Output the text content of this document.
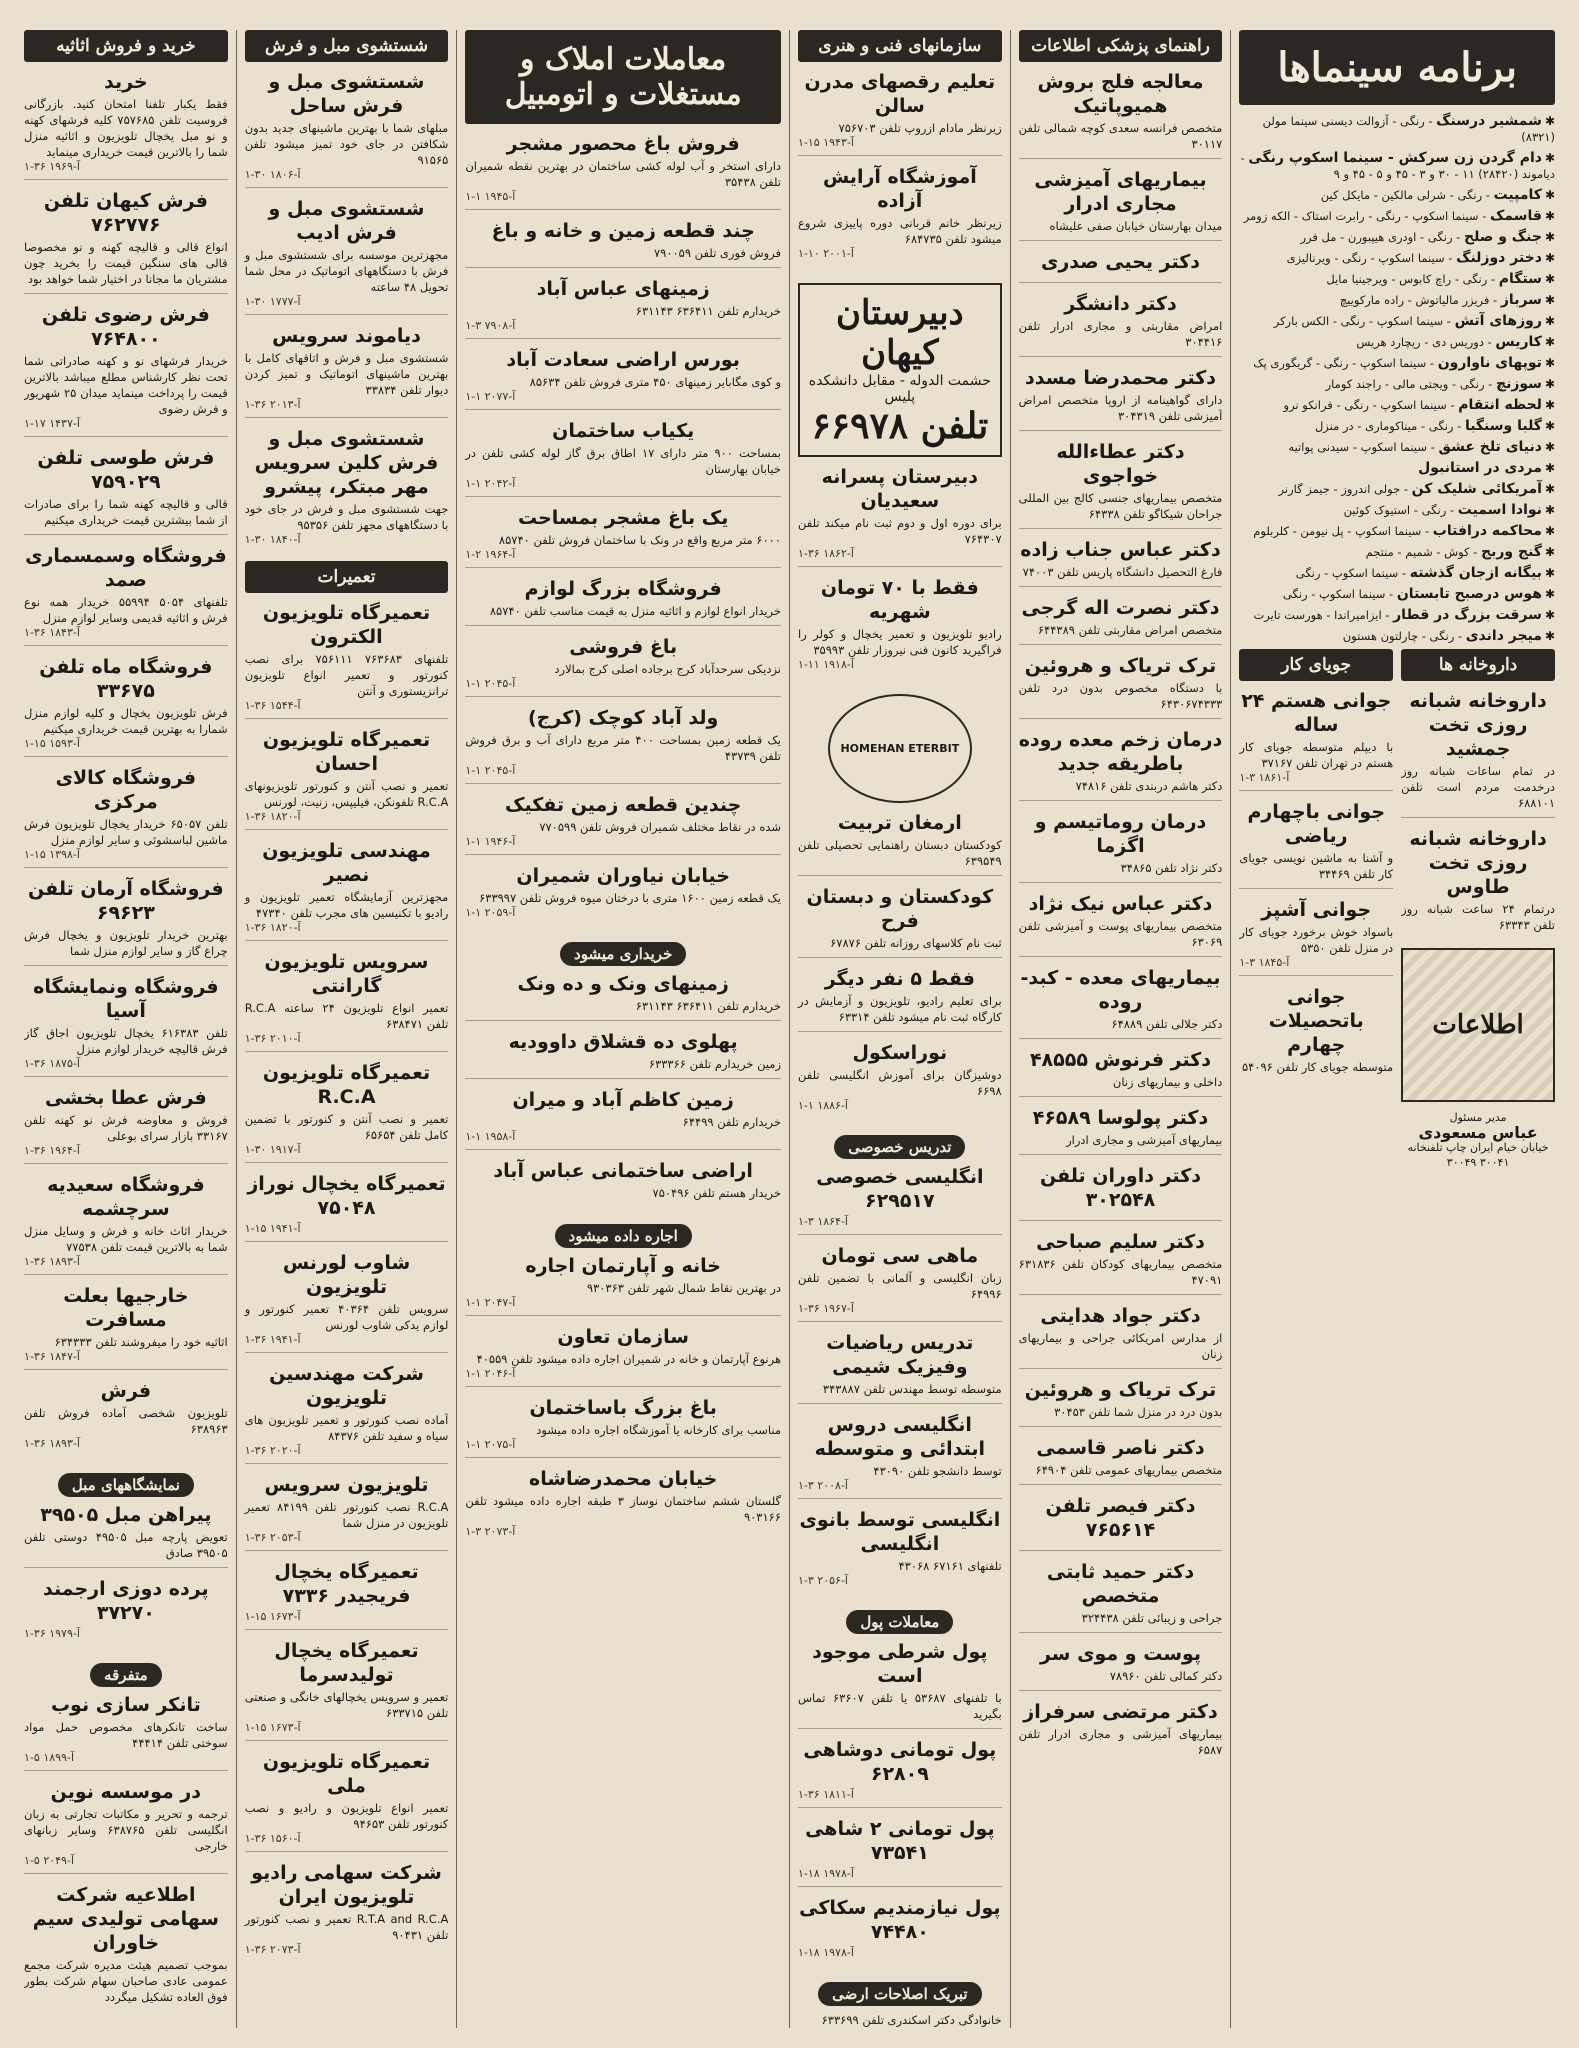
برنامه سینماها
✱شمشیر درسنگ - رنگی - آزوالت دیسنی سینما مولن (۸۳۲۱)
✱دام گردن زن سرکش - سینما اسکوپ رنگی - دیاموند (۲۸۴۲۰) ۱۱ - ۳۰ و ۳ - ۴۵ و ۵ - ۴۵ و ۹
✱کامپیت - رنگی - شرلی مالکین - مایکل کین
✱قاسمک - سینما اسکوپ - رنگی - رابرت استاک - الکه زومر
✱جنگ و صلح - رنگی - اودری هیپبورن - مل فرر
✱دختر دوزلنگ - سینما اسکوپ - رنگی - ویرنالیزی
✱ستگام - رنگی - راچ کابوس - ویرجینیا مایل
✱سرباز - فریزر مالیاتوش - راده مارکوییچ
✱روزهای آتش - سینما اسکوپ - رنگی - الکس بارکر
✱کاریس - دوریس دی - ریچارد هریس
✱توپهای ناوارون - سینما اسکوپ - رنگی - گریگوری پک
✱سوزنچ - رنگی - ویجتی مالی - راجند کومار
✱لحظه انتقام - سینما اسکوپ - رنگی - فرانکو نرو
✱گلبا وسنگبا - رنگی - میناکوماری - در منزل
✱دنیای تلخ عشق - سینما اسکوپ - سیدنی پواتیه
✱مردی در استانبول
✱آمریکائی شلیک کن - جولی اندروز - جیمز گارنر
✱نوادا اسمیت - رنگی - استیوک کوئین
✱محاکمه درافتاب - سینما اسکوپ - پل نیومن - کلربلوم
✱گنج وربج - کوش - شمیم - منتجم
✱بیگانه ازجان گذشته - سینما اسکوپ - رنگی
✱هوس درصبح تابستان - سینما اسکوپ - رنگی
✱سرقت بزرگ در قطار - ایزامیراندا - هورست تایرت
✱میجر داندی - رنگی - چارلتون هستون
داروخانه ها
داروخانه شبانه روزی تخت جمشید
در تمام ساعات شبانه روز درخدمت مردم است تلفن ۶۸۸۱۰۱
داروخانه شبانه روزی تخت طاوس
درتمام ۲۴ ساعت شبانه روز تلفن ۶۳۳۴۳
اطلاعات
مدیر مسئول
عباس مسعودی
خیابان خیام ایران چاپ تلفنخانه ۳۰۰۴۱ ۳۰۰۴۹
جویای کار
جوانی هستم ۲۴ ساله
با دیپلم متوسطه جویای کار هستم در تهران تلفن ۳۷۱۶۷
۱-۳ آ-۱۸۶۱
جوانی باچهارم ریاضی
و آشنا به ماشین نویسی جویای کار تلفن ۳۴۴۶۹
جوانی آشپز
باسواد خوش برخورد جویای کار در منزل تلفن ۵۳۵۰
۱-۳ آ-۱۸۴۵
جوانی باتحصیلات چهارم
متوسطه جویای کار تلفن ۵۴۰۹۶
راهنمای پزشکی اطلاعات
معالجه فلج بروش همیوپاتیک
متخصص فرانسه سعدی کوچه شمالی تلفن ۳۰۱۱۷
بیماریهای آمیزشی مجاری ادرار
میدان بهارستان خیابان صفی علیشاه
دکتر یحیی صدری
دکتر دانشگر
امراض مقاربتی و مجاری ادرار تلفن ۳۰۴۴۱۶
دکتر محمدرضا مسدد
دارای گواهینامه از اروپا متخصص امراض آمیزشی تلفن ۳۰۴۳۱۹
دکتر عطاءالله خواجوی
متخصص بیماریهای جنسی کالج بین المللی جراحان شیکاگو تلفن ۶۴۳۳۸
دکتر عباس جناب زاده
فارغ التحصیل دانشگاه پاریس تلفن ۷۴۰۰۳
دکتر نصرت اله گرجی
متخصص امراض مقاربتی تلفن ۶۴۴۳۸۹
ترک تریاک و هروئین
با دستگاه مخصوص بدون درد تلفن ۶۴۳۰۶۷۴۳۳۳
درمان زخم معده روده باطریقه جدید
دکتر هاشم دربندی تلفن ۷۴۸۱۶
درمان روماتیسم و اگزما
دکتر نژاد تلفن ۳۴۸۶۵
دکتر عباس نیک نژاد
متخصص بیماریهای پوست و آمیزشی تلفن ۶۳۰۶۹
بیماریهای معده - کبد-روده
دکتر جلالی تلفن ۶۴۸۸۹
دکتر فرنوش ۴۸۵۵۵
داخلی و بیماریهای زنان
دکتر پولوسا ۴۶۵۸۹
بیماریهای آمیزشی و مجاری ادرار
دکتر داوران تلفن ۳۰۲۵۴۸
دکتر سلیم صباحی
متخصص بیماریهای کودکان تلفن ۶۳۱۸۳۶ ۴۷۰۹۱
دکتر جواد هدایتی
از مدارس امریکائی جراحی و بیماریهای زنان
ترک تریاک و هروئین
بدون درد در منزل شما تلفن ۳۰۴۵۳
دکتر ناصر قاسمی
متخصص بیماریهای عمومی تلفن ۶۴۹۰۴
دکتر فیصر تلفن ۷۶۵۶۱۴
دکتر حمید ثابتی متخصص
جراحی و زیبائی تلفن ۳۲۴۴۳۸
پوست و موی سر
دکتر کمالی تلفن ۷۸۹۶۰
دکتر مرتضی سرفراز
بیماریهای آمیزشی و مجاری ادرار تلفن ۶۵۸۷
سازمانهای فنی و هنری
تعلیم رقصهای مدرن سالن
زیرنظر مادام ازروپ تلفن ۷۵۶۷۰۳
۱-۱۵ آ-۱۹۴۳
آموزشگاه آرایش آزاده
زیرنظر خانم قربانی دوره پاییزی شروع میشود تلفن ۶۸۴۷۳۵
۱-۱۰ آ-۲۰۰۱
دبیرستان کیهان
حشمت الدوله - مقابل دانشکده پلیس
تلفن ۶۶۹۷۸
دبیرستان پسرانه سعیدیان
برای دوره اول و دوم ثبت نام میکند تلفن ۷۶۴۳۰۷
۱-۳۶ آ-۱۸۶۲
فقط با ۷۰ تومان شهریه
رادیو تلویزیون و تعمیر یخچال و کولر را فراگیرید کانون فنی نیروزار تلفن ۳۵۹۹۳
۱-۱۱ آ-۱۹۱۸
HOMEHAN ETERBIT
ارمغان تربیت
کودکستان دبستان راهنمایی تحصیلی تلفن ۶۳۹۵۴۹
کودکستان و دبستان فرح
ثبت نام کلاسهای روزانه تلفن ۶۷۸۷۶
فقط ۵ نفر دیگر
برای تعلیم رادیو، تلویزیون و آزمایش در کارگاه ثبت نام میشود تلفن ۶۳۳۱۴
نوراسکول
دوشیزگان برای آموزش انگلیسی تلفن ۶۶۹۸
۱-۱ آ-۱۸۸۶
تدریس خصوصی
انگلیسی خصوصی ۶۲۹۵۱۷
۱-۳ آ-۱۸۶۴
ماهی سی تومان
زبان انگلیسی و آلمانی با تضمین تلفن ۶۴۹۹۶
۱-۳۶ آ-۱۹۶۷
تدریس ریاضیات وفیزیک شیمی
متوسطه توسط مهندس تلفن ۳۴۳۸۸۷
انگلیسی دروس ابتدائی و متوسطه
توسط دانشجو تلفن ۴۳۰۹۰
۱-۳ آ-۲۰۰۸
انگلیسی توسط بانوی انگلیسی
تلفنهای ۶۷۱۶۱ ۴۳۰۶۸
۱-۳ آ-۲۰۵۶
معاملات پول
پول شرطی موجود است
با تلفنهای ۵۳۶۸۷ یا تلفن ۶۳۶۰۷ تماس بگیرید
پول تومانی دوشاهی ۶۲۸۰۹
۱-۳۶ آ-۱۸۱۱
پول تومانی ۲ شاهی ۷۳۵۴۱
۱-۱۸ آ-۱۹۷۸
پول نیازمندیم سکاکی ۷۴۴۸۰
۱-۱۸ آ-۱۹۷۸
تبریک اصلاحات ارضی
خانوادگی دکتر اسکندری تلفن ۶۳۳۶۹۹
معاملات املاک و مستغلات و اتومبیل
فروش باغ محصور مشجر
دارای استخر و آب لوله کشی ساختمان در بهترین نقطه شمیران تلفن ۳۵۴۳۸
۱-۱ آ-۱۹۴۵
چند قطعه زمین و خانه و باغ
فروش فوری تلفن ۷۹۰۰۵۹
زمینهای عباس آباد
خریدارم تلفن ۶۳۶۴۱۱ ۶۳۱۱۴۳
۱-۳ آ-۷۹۰۸
بورس اراضی سعادت آباد
و کوی مگابایر زمینهای ۴۵۰ متری فروش تلفن ۸۵۶۳۴
۱-۱ آ-۲۰۷۷
یکیاب ساختمان
بمساحت ۹۰۰ متر دارای ۱۷ اطاق برق گاز لوله کشی تلفن در خیابان بهارستان
۱-۱ آ-۲۰۴۲
یک باغ مشجر بمساحت
۶۰۰۰ متر مربع واقع در ونک با ساختمان فروش تلفن ۸۵۷۴۰
۱-۲ آ-۱۹۶۴
فروشگاه بزرگ لوازم
خریدار انواع لوازم و اثاثیه منزل به قیمت مناسب تلفن ۸۵۷۴۰
باغ فروشی
نزدیکی سرحدآباد کرج برجاده اصلی کرج بمالارد
۱-۱ آ-۲۰۴۵
ولد آباد کوچک (کرج)
یک قطعه زمین بمساحت ۴۰۰ متر مربع دارای آب و برق فروش تلفن ۴۳۷۳۹
۱-۱ آ-۲۰۴۵
چندین قطعه زمین تفکیک
شده در نقاط مختلف شمیران فروش تلفن ۷۷۰۵۹۹
۱-۱ آ-۱۹۴۶
خیابان نیاوران شمیران
یک قطعه زمین ۱۶۰۰ متری با درختان میوه فروش تلفن ۶۳۳۹۹۷
۱-۱ آ-۲۰۵۹
خریداری میشود
زمینهای ونک و ده ونک
خریدارم تلفن ۶۳۶۴۱۱ ۶۳۱۱۴۳
پهلوی ده قشلاق داوودیه
زمین خریدارم تلفن ۶۳۳۳۶۶
زمین کاظم آباد و میران
خریدارم تلفن ۶۴۴۹۹
۱-۱ آ-۱۹۵۸
اراضی ساختمانی عباس آباد
خریدار هستم تلفن ۷۵۰۴۹۶
اجاره داده میشود
خانه و آپارتمان اجاره
در بهترین نقاط شمال شهر تلفن ۹۳۰۳۶۳
۱-۱ آ-۲۰۴۷
سازمان تعاون
هرنوع آپارتمان و خانه در شمیران اجاره داده میشود تلفن ۴۰۵۵۹
۱-۱ آ-۲۰۴۶
باغ بزرگ باساختمان
مناسب برای کارخانه یا آموزشگاه اجاره داده میشود
۱-۱ آ-۲۰۷۵
خیابان محمدرضاشاه
گلستان ششم ساختمان نوساز ۳ طبقه اجاره داده میشود تلفن ۹۰۳۱۶۶
۱-۳ آ-۲۰۷۳
شستشوی مبل و فرش
شستشوی مبل و فرش ساحل
مبلهای شما با بهترین ماشینهای جدید بدون شکافتن در جای خود تمیز میشود تلفن ۹۱۵۶۵
۱-۳۰ آ-۱۸۰۶
شستشوی مبل و فرش ادیب
مجهزترین موسسه برای شستشوی مبل و فرش با دستگاههای اتوماتیک در محل شما تحویل ۴۸ ساعته
۱-۳۰ آ-۱۷۷۷
دیاموند سرویس
شستشوی مبل و فرش و اتاقهای کامل با بهترین ماشینهای اتوماتیک و تمیز کردن دیوار تلفن ۳۳۸۳۴
۱-۳۶ آ-۲۰۱۳
شستشوی مبل و فرش کلین سرویس مهر مبتکر، پیشرو
جهت شستشوی مبل و فرش در جای خود با دستگاههای مجهز تلفن ۹۵۳۵۶
۱-۳۰ آ-۱۸۴۰
تعمیرات
تعمیرگاه تلویزیون الکترون
تلفنهای ۷۶۳۶۸۳ ۷۵۶۱۱۱ برای نصب کنورتور و تعمیر انواع تلویزیون ترانزیستوری و آنتن
۱-۳۶ آ-۱۵۴۴
تعمیرگاه تلویزیون احسان
تعمیر و نصب آنتن و کنورتور تلویزیونهای R.C.A تلفونکن، فیلیپس، زنیت، لورنس
۱-۳۶ آ-۱۸۲۰
مهندسی تلویزیون نصیر
مجهزترین آزمایشگاه تعمیر تلویزیون و رادیو با تکنیسین های مجرب تلفن ۴۷۳۴۰
۱-۳۶ آ-۱۸۲۰
سرویس تلویزیون گارانتی
تعمیر انواع تلویزیون ۲۴ ساعته R.C.A تلفن ۶۳۸۴۷۱
۱-۳۶ آ-۲۰۱۰
تعمیرگاه تلویزیون R.C.A
تعمیر و نصب آنتن و کنورتور با تضمین کامل تلفن ۶۵۶۵۴
۱-۳۰ آ-۱۹۱۷
تعمیرگاه یخچال نوراز ۷۵۰۴۸
۱-۱۵ آ-۱۹۴۱
شاوب لورنس تلویزیون
سرویس تلفن ۴۰۳۶۴ تعمیر کنورتور و لوازم یدکی شاوب لورنس
۱-۳۶ آ-۱۹۴۱
شرکت مهندسین تلویزیون
آماده نصب کنورتور و تعمیر تلویزیون های سیاه و سفید تلفن ۸۴۳۷۶
۱-۳۶ آ-۲۰۲۰
تلویزیون سرویس
R.C.A نصب کنورتور تلفن ۸۴۱۹۹ تعمیر تلویزیون در منزل شما
۱-۳۶ آ-۲۰۵۳
تعمیرگاه یخچال فریجیدر ۷۳۳۶
۱-۱۵ آ-۱۶۷۳
تعمیرگاه یخچال تولیدسرما
تعمیر و سرویس یخچالهای خانگی و صنعتی تلفن ۶۳۳۷۱۵
۱-۱۵ آ-۱۶۷۳
تعمیرگاه تلویزیون ملی
تعمیر انواع تلویزیون و رادیو و نصب کنورتور تلفن ۹۴۶۵۳
۱-۳۶ آ-۱۵۶۰
شرکت سهامی رادیو تلویزیون ایران
R.T.A and R.C.A تعمیر و نصب کنورتور تلفن ۹۰۴۳۱
۱-۳۶ آ-۲۰۷۳
خرید و فروش اثاثیه
خرید
فقط یکبار تلفنا امتحان کنید. بازرگانی فروسیت تلفن ۷۵۷۶۸۵ کلیه فرشهای کهنه و نو مبل یخچال تلویزیون و اثاثیه منزل شما را بالاترین قیمت خریداری مینماید
۱-۳۶ آ-۱۹۶۹
فرش کیهان تلفن ۷۶۲۷۷۶
انواع قالی و قالیچه کهنه و نو مخصوصا قالی های سنگین قیمت را بخرید چون مشتریان ما مجانا در اختیار شما خواهد بود
فرش رضوی تلفن ۷۶۴۸۰۰
خریدار فرشهای نو و کهنه صادراتی شما تحت نظر کارشناس مطلع میباشد بالاترین قیمت را پرداخت مینماید میدان ۲۵ شهریور و فرش رضوی
۱-۱۷ آ-۱۴۳۷
فرش طوسی تلفن ۷۵۹۰۲۹
قالی و قالیچه کهنه شما را برای صادرات از شما بیشترین قیمت خریداری میکنیم
فروشگاه وسمسماری صمد
تلفنهای ۵۰۵۴ ۵۵۹۹۴ خریدار همه نوع فرش و اثاثیه قدیمی وسایر لوازم منزل
۱-۳۶ آ-۱۸۴۳
فروشگاه ماه تلفن ۳۳۶۷۵
فرش تلویزیون یخچال و کلیه لوازم منزل شمارا به بهترین قیمت خریداری میکنیم
۱-۱۵ آ-۱۵۹۳
فروشگاه کالای مرکزی
تلفن ۶۵۰۵۷ خریدار یخچال تلویزیون فرش ماشین لباسشوئی و سایر لوازم منزل
۱-۱۵ آ-۱۳۹۸
فروشگاه آرمان تلفن ۶۹۶۲۳
بهترین خریدار تلویزیون و یخچال فرش چراغ گاز و سایر لوازم منزل شما
فروشگاه ونمایشگاه آسیا
تلفن ۶۱۶۳۸۳ یخچال تلویزیون اجاق گاز فرش قالیچه خریدار لوازم منزل
۱-۳۶ آ-۱۸۷۵
فرش عطا بخشی
فروش و معاوضه فرش نو کهنه تلفن ۳۳۱۶۷ بازار سرای بوعلی
۱-۳۶ آ-۱۹۶۴
فروشگاه سعیدیه سرچشمه
خریدار اثاث خانه و فرش و وسایل منزل شما به بالاترین قیمت تلفن ۷۷۵۳۸
۱-۳۶ آ-۱۸۹۳
خارجیها بعلت مسافرت
اثاثیه خود را میفروشند تلفن ۶۳۴۳۳۳
۱-۳۶ آ-۱۸۴۷
فرش
تلویزیون شخصی آماده فروش تلفن ۶۳۸۹۶۳
۱-۳۶ آ-۱۸۹۳
نمایشگاههای مبل
پیراهن مبل ۳۹۵۰۵
تعویض پارچه مبل ۴۹۵۰۵ دوستی تلفن ۳۹۵۰۵ صادق
پرده دوزی ارجمند ۳۷۲۷۰
۱-۳۶ آ-۱۹۷۹
متفرقه
تانکر سازی نوب
ساخت تانکرهای مخصوص حمل مواد سوختی تلفن ۴۴۴۱۴
۱-۵ آ-۱۸۹۹
در موسسه نوین
ترجمه و تحریر و مکاتبات تجارتی به زبان انگلیسی تلفن ۶۳۸۷۶۵ وسایر زبانهای خارجی
۱-۵ آ-۲۰۴۹
اطلاعیه شرکت سهامی تولیدی سیم خاوران
بموجب تصمیم هیئت مدیره شرکت مجمع عمومی عادی صاحبان سهام شرکت بطور فوق العاده تشکیل میگردد
